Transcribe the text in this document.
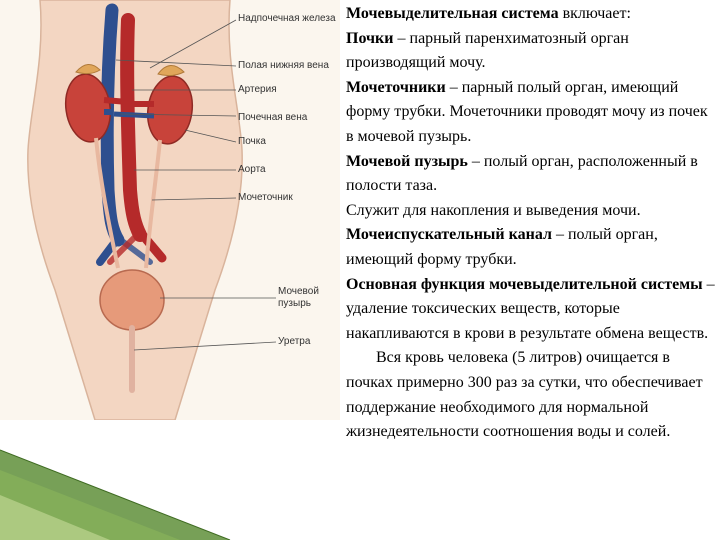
Надпочечная железа
Полая нижняя вена
Артерия
Почечная вена
Почка
Аорта
Мочеточник
Мочевой пузырь
Уретра

Мочевыделительная система включает:

Почки – парный паренхиматозный орган производящий мочу.

Мочеточники – парный полый орган, имеющий форму трубки. Мочеточники проводят мочу из почек в мочевой пузырь.

Мочевой пузырь – полый орган, расположенный в полости таза.

Служит для накопления и выведения мочи.

Мочеиспускательный канал – полый орган, имеющий форму трубки.

Основная функция мочевыделительной системы – удаление токсических веществ, которые накапливаются в крови в результате обмена веществ.

Вся кровь человека (5 литров) очищается в почках примерно 300 раз за сутки, что обеспечивает поддержание необходимого для нормальной жизнедеятельности соотношения воды и солей.
